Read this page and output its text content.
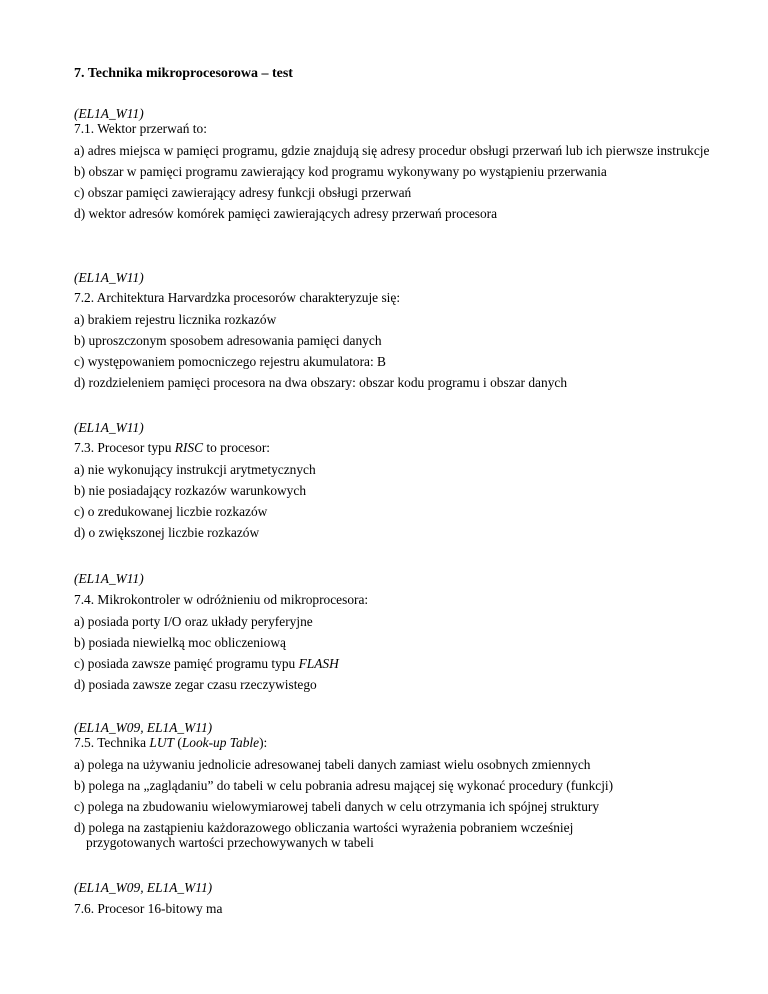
7. Technika mikroprocesorowa – test
(EL1A_W11)
7.1. Wektor przerwań to:
a) adres miejsca w pamięci programu, gdzie znajdują się adresy procedur obsługi przerwań lub ich pierwsze instrukcje
b) obszar w pamięci programu zawierający kod programu wykonywany po wystąpieniu przerwania
c) obszar pamięci zawierający adresy funkcji obsługi przerwań
d) wektor adresów komórek pamięci zawierających adresy przerwań procesora
(EL1A_W11)
7.2. Architektura Harvardzka procesorów charakteryzuje się:
a) brakiem rejestru licznika rozkazów
b) uproszczonym sposobem adresowania pamięci danych
c) występowaniem pomocniczego rejestru akumulatora: B
d) rozdzieleniem pamięci procesora na dwa obszary: obszar kodu programu i obszar danych
(EL1A_W11)
7.3. Procesor typu RISC to procesor:
a) nie wykonujący instrukcji arytmetycznych
b) nie posiadający rozkazów warunkowych
c) o zredukowanej liczbie rozkazów
d) o zwiększonej liczbie rozkazów
(EL1A_W11)
7.4. Mikrokontroler w odróżnieniu od mikroprocesora:
a) posiada porty I/O oraz układy peryferyjne
b) posiada niewielką moc obliczeniową
c) posiada zawsze pamięć programu typu FLASH
d) posiada zawsze zegar czasu rzeczywistego
(EL1A_W09, EL1A_W11)
7.5. Technika LUT (Look-up Table):
a) polega na używaniu jednolicie adresowanej tabeli danych zamiast wielu osobnych zmiennych
b) polega na „zaglądaniu” do tabeli w celu pobrania adresu mającej się wykonać procedury (funkcji)
c) polega na zbudowaniu wielowymiarowej tabeli danych w celu otrzymania ich spójnej struktury
d) polega na zastąpieniu każdorazowego obliczania wartości wyrażenia pobraniem wcześniej
przygotowanych wartości przechowywanych w tabeli
(EL1A_W09, EL1A_W11)
7.6. Procesor 16-bitowy ma
